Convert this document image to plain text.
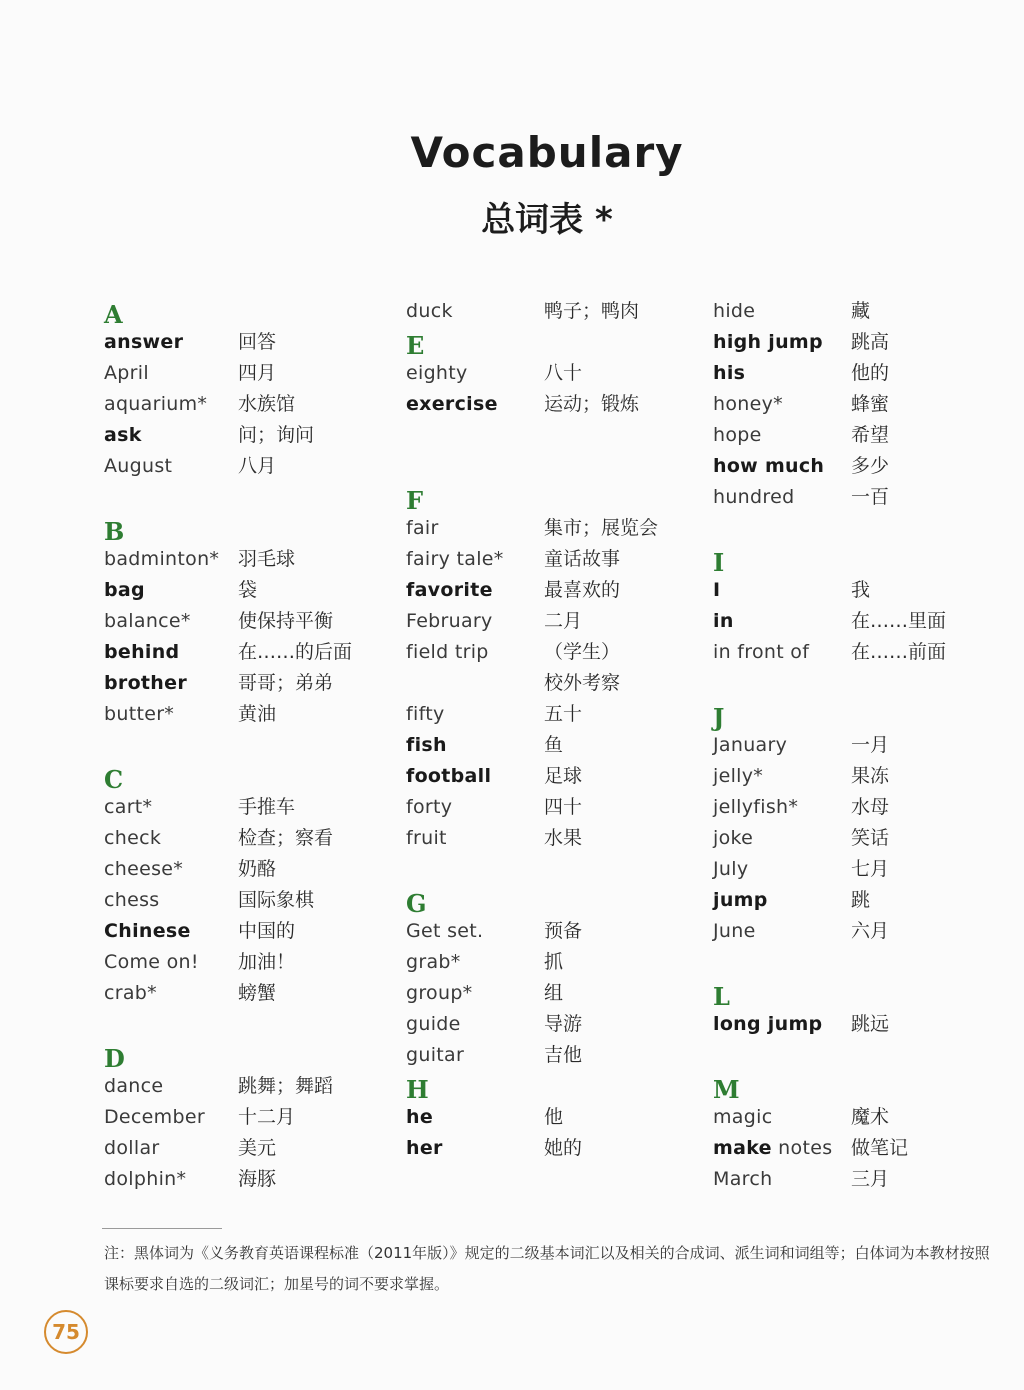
Vocabulary
总词表 *
A
answer	回答
April	四月
aquarium* 水族馆
ask	问；询问
August	八月
B
badminton* 羽毛球
bag	袋
balance* 使保持平衡
behind	在……的后面
brother	哥哥；弟弟
butter*	黄油
C
cart*	手推车
check	检查；察看
cheese*	奶酪
chess	国际象棋
Chinese 中国的
Come on! 加油！
crab*	螃蟹
D
dance	跳舞；舞蹈
December 十二月
dollar	美元
dolphin*	海豚
duck	鸭子；鸭肉
E
eighty	八十
exercise 运动；锻炼
F
fair	集市；展览会
fairy tale* 童话故事
favorite	最喜欢的
February	二月
field trip	（学生）
校外考察
fifty	五十
fish	鱼
football	足球
forty	四十
fruit	水果
G
Get set.	预备
grab*	抓
group*	组
guide	导游
guitar	吉他
H
he	他
her	她的
hide	藏
high jump 跳高
his	他的
honey*	蜂蜜
hope	希望
how much 多少
hundred	一百
I
I	我
in	在……里面
in front of 在……前面
J
January	一月
jelly*	果冻
jellyfish*	水母
joke	笑话
July	七月
jump	跳
June	六月
L
long jump 跳远
M
magic	魔术
make notes 做笔记
March	三月
注：黑体词为《义务教育英语课程标准（2011年版）》规定的二级基本词汇以及相关的合成词、派生词和词组等；白体词为本教材按照课标要求自选的二级词汇；加星号的词不要求掌握。
75
